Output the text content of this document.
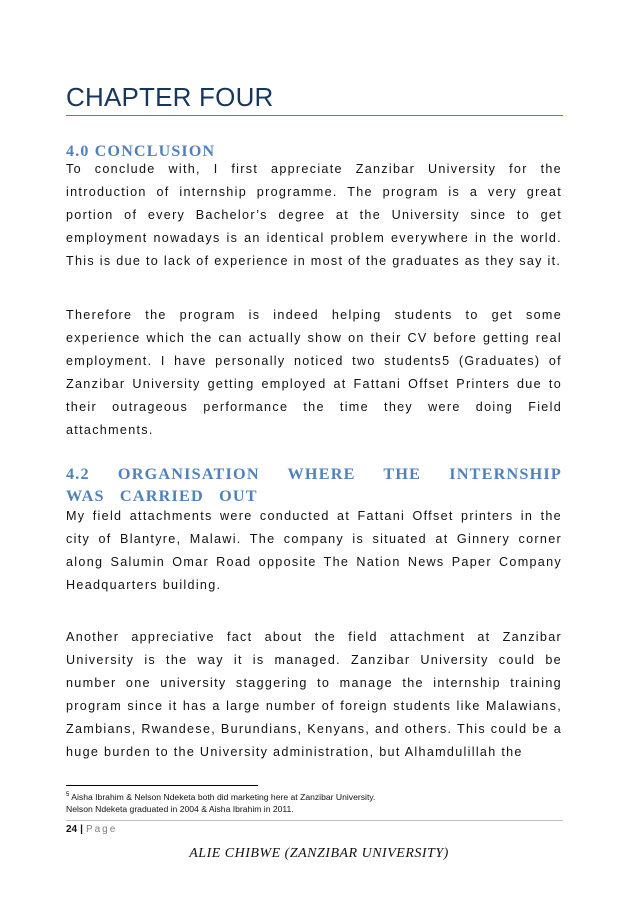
CHAPTER FOUR
4.0 CONCLUSION

To conclude with, I first appreciate Zanzibar University for the introduction of internship programme. The program is a very great portion of every Bachelor’s degree at the University since to get employment nowadays is an identical problem everywhere in the world. This is due to lack of experience in most of the graduates as they say it.

Therefore the program is indeed helping students to get some experience which the can actually show on their CV before getting real employment. I have personally noticed two students5 (Graduates) of Zanzibar University getting employed at Fattani Offset Printers due to their outrageous performance the time they were doing Field attachments.

4.2 ORGANISATION WHERE THE INTERNSHIP WAS CARRIED OUT

My field attachments were conducted at Fattani Offset printers in the city of Blantyre, Malawi. The company is situated at Ginnery corner along Salumin Omar Road opposite The Nation News Paper Company Headquarters building.

Another appreciative fact about the field attachment at Zanzibar University is the way it is managed. Zanzibar University could be number one university staggering to manage the internship training program since it has a large number of foreign students like Malawians, Zambians, Rwandese, Burundians, Kenyans, and others. This could be a huge burden to the University administration, but Alhamdulillah the

$^5$ Aisha Ibrahim & Nelson Ndeketa both did marketing here at Zanzibar University.
Nelson Ndeketa graduated in 2004 & Aisha Ibrahim in 2011.
24 | Page
ALIE CHIBWE (ZANZIBAR UNIVERSITY)
